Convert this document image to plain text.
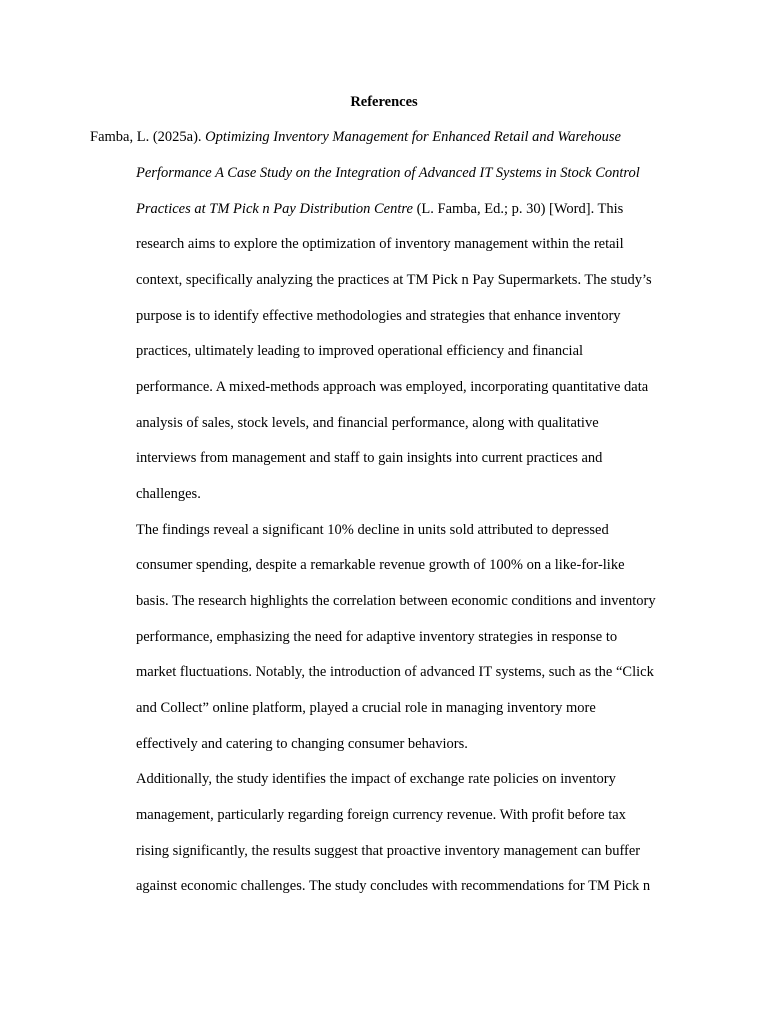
References
Famba, L. (2025a). Optimizing Inventory Management for Enhanced Retail and Warehouse
Performance A Case Study on the Integration of Advanced IT Systems in Stock Control
Practices at TM Pick n Pay Distribution Centre (L. Famba, Ed.; p. 30) [Word]. This
research aims to explore the optimization of inventory management within the retail
context, specifically analyzing the practices at TM Pick n Pay Supermarkets. The study’s
purpose is to identify effective methodologies and strategies that enhance inventory
practices, ultimately leading to improved operational efficiency and financial
performance. A mixed-methods approach was employed, incorporating quantitative data
analysis of sales, stock levels, and financial performance, along with qualitative
interviews from management and staff to gain insights into current practices and
challenges.
The findings reveal a significant 10% decline in units sold attributed to depressed
consumer spending, despite a remarkable revenue growth of 100% on a like-for-like
basis. The research highlights the correlation between economic conditions and inventory
performance, emphasizing the need for adaptive inventory strategies in response to
market fluctuations. Notably, the introduction of advanced IT systems, such as the “Click
and Collect” online platform, played a crucial role in managing inventory more
effectively and catering to changing consumer behaviors.
Additionally, the study identifies the impact of exchange rate policies on inventory
management, particularly regarding foreign currency revenue. With profit before tax
rising significantly, the results suggest that proactive inventory management can buffer
against economic challenges. The study concludes with recommendations for TM Pick n
